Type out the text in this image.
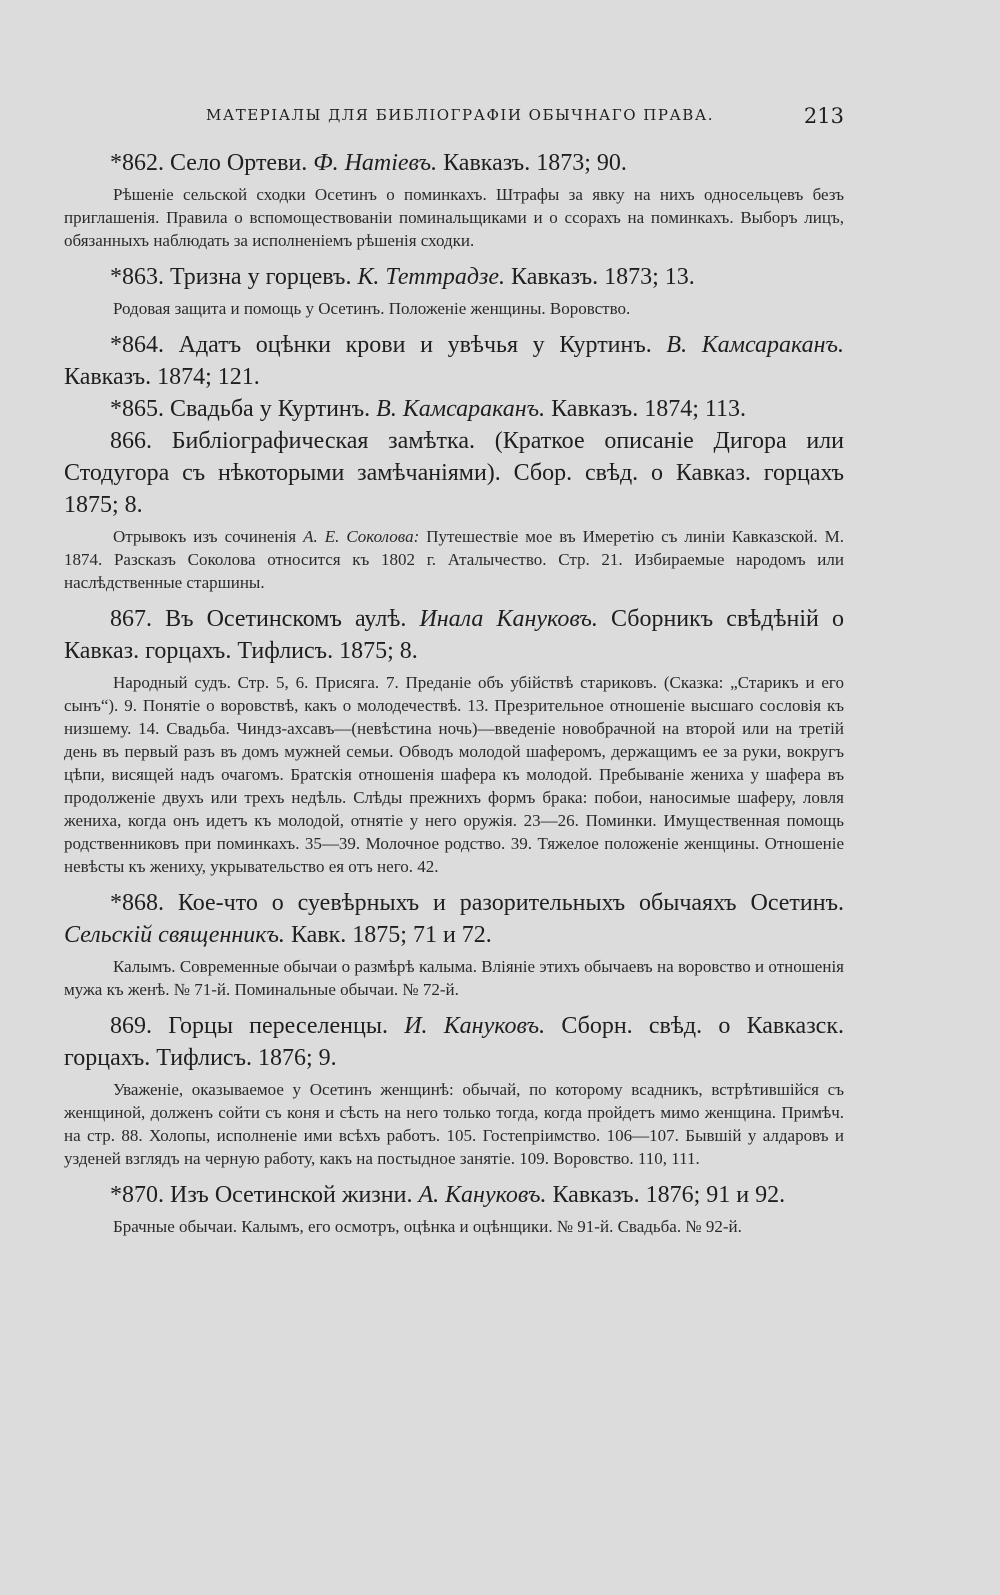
МАТЕРІАЛЫ ДЛЯ БИБЛІОГРАФІИ ОБЫЧНАГО ПРАВА.	213

*862. Село Ортеви. Ф. Натіевъ. Кавказъ. 1873; 90.

Рѣшеніе сельской сходки Осетинъ о поминкахъ. Штрафы за явку на нихъ односельцевъ безъ приглашенія. Правила о вспомоществованіи поминальщиками и о ссорахъ на поминкахъ. Выборъ лицъ, обязанныхъ наблюдать за исполненіемъ рѣшенія сходки.

*863. Тризна у горцевъ. К. Теттрадзе. Кавказъ. 1873; 13.

Родовая защита и помощь у Осетинъ. Положеніе женщины. Воровство.

*864. Адатъ оцѣнки крови и увѣчья у Куртинъ. В. Камсараканъ. Кавказъ. 1874; 121.

*865. Свадьба у Куртинъ. В. Камсараканъ. Кавказъ. 1874; 113.

866. Библіографическая замѣтка. (Краткое описаніе Дигора или Стодугора съ нѣкоторыми замѣчаніями). Сбор. свѣд. о Кавказ. горцахъ 1875; 8.

Отрывокъ изъ сочиненія А. Е. Соколова: Путешествіе мое въ Имеретію съ линіи Кавказской. М. 1874. Разсказъ Соколова относится къ 1802 г. Аталычество. Стр. 21. Избираемые народомъ или наслѣдственные старшины.

867. Въ Осетинскомъ аулѣ. Инала Кануковъ. Сборникъ свѣдѣній о Кавказ. горцахъ. Тифлисъ. 1875; 8.

Народный судъ. Стр. 5, 6. Присяга. 7. Преданіе объ убійствѣ стариковъ. (Сказка: „Старикъ и его сынъ“). 9. Понятіе о воровствѣ, какъ о молодечествѣ. 13. Презрительное отношеніе высшаго сословія къ низшему. 14. Свадьба. Чиндз-ахсавъ—(невѣстина ночь)—введеніе новобрачной на второй или на третій день въ первый разъ въ домъ мужней семьи. Обводъ молодой шаферомъ, держащимъ ее за руки, вокругъ цѣпи, висящей надъ очагомъ. Братскія отношенія шафера къ молодой. Пребываніе жениха у шафера въ продолженіе двухъ или трехъ недѣль. Слѣды прежнихъ формъ брака: побои, наносимые шаферу, ловля жениха, когда онъ идетъ къ молодой, отнятіе у него оружія. 23—26. Поминки. Имущественная помощь родственниковъ при поминкахъ. 35—39. Молочное родство. 39. Тяжелое положеніе женщины. Отношеніе невѣсты къ жениху, укрывательство ея отъ него. 42.

*868. Кое-что о суевѣрныхъ и разорительныхъ обычаяхъ Осетинъ. Сельскій священникъ. Кавк. 1875; 71 и 72.

Калымъ. Современные обычаи о размѣрѣ калыма. Вліяніе этихъ обычаевъ на воровство и отношенія мужа къ женѣ. № 71-й. Поминальные обычаи. № 72-й.

869. Горцы переселенцы. И. Кануковъ. Сборн. свѣд. о Кавказск. горцахъ. Тифлисъ. 1876; 9.

Уваженіе, оказываемое у Осетинъ женщинѣ: обычай, по которому всадникъ, встрѣтившійся съ женщиной, долженъ сойти съ коня и сѣсть на него только тогда, когда пройдетъ мимо женщина. Примѣч. на стр. 88. Холопы, исполненіе ими всѣхъ работъ. 105. Гостепріимство. 106—107. Бывшій у алдаровъ и узденей взглядъ на черную работу, какъ на постыдное занятіе. 109. Воровство. 110, 111.

*870. Изъ Осетинской жизни. А. Кануковъ. Кавказъ. 1876; 91 и 92.

Брачные обычаи. Калымъ, его осмотръ, оцѣнка и оцѣнщики. № 91-й. Свадьба. № 92-й.
